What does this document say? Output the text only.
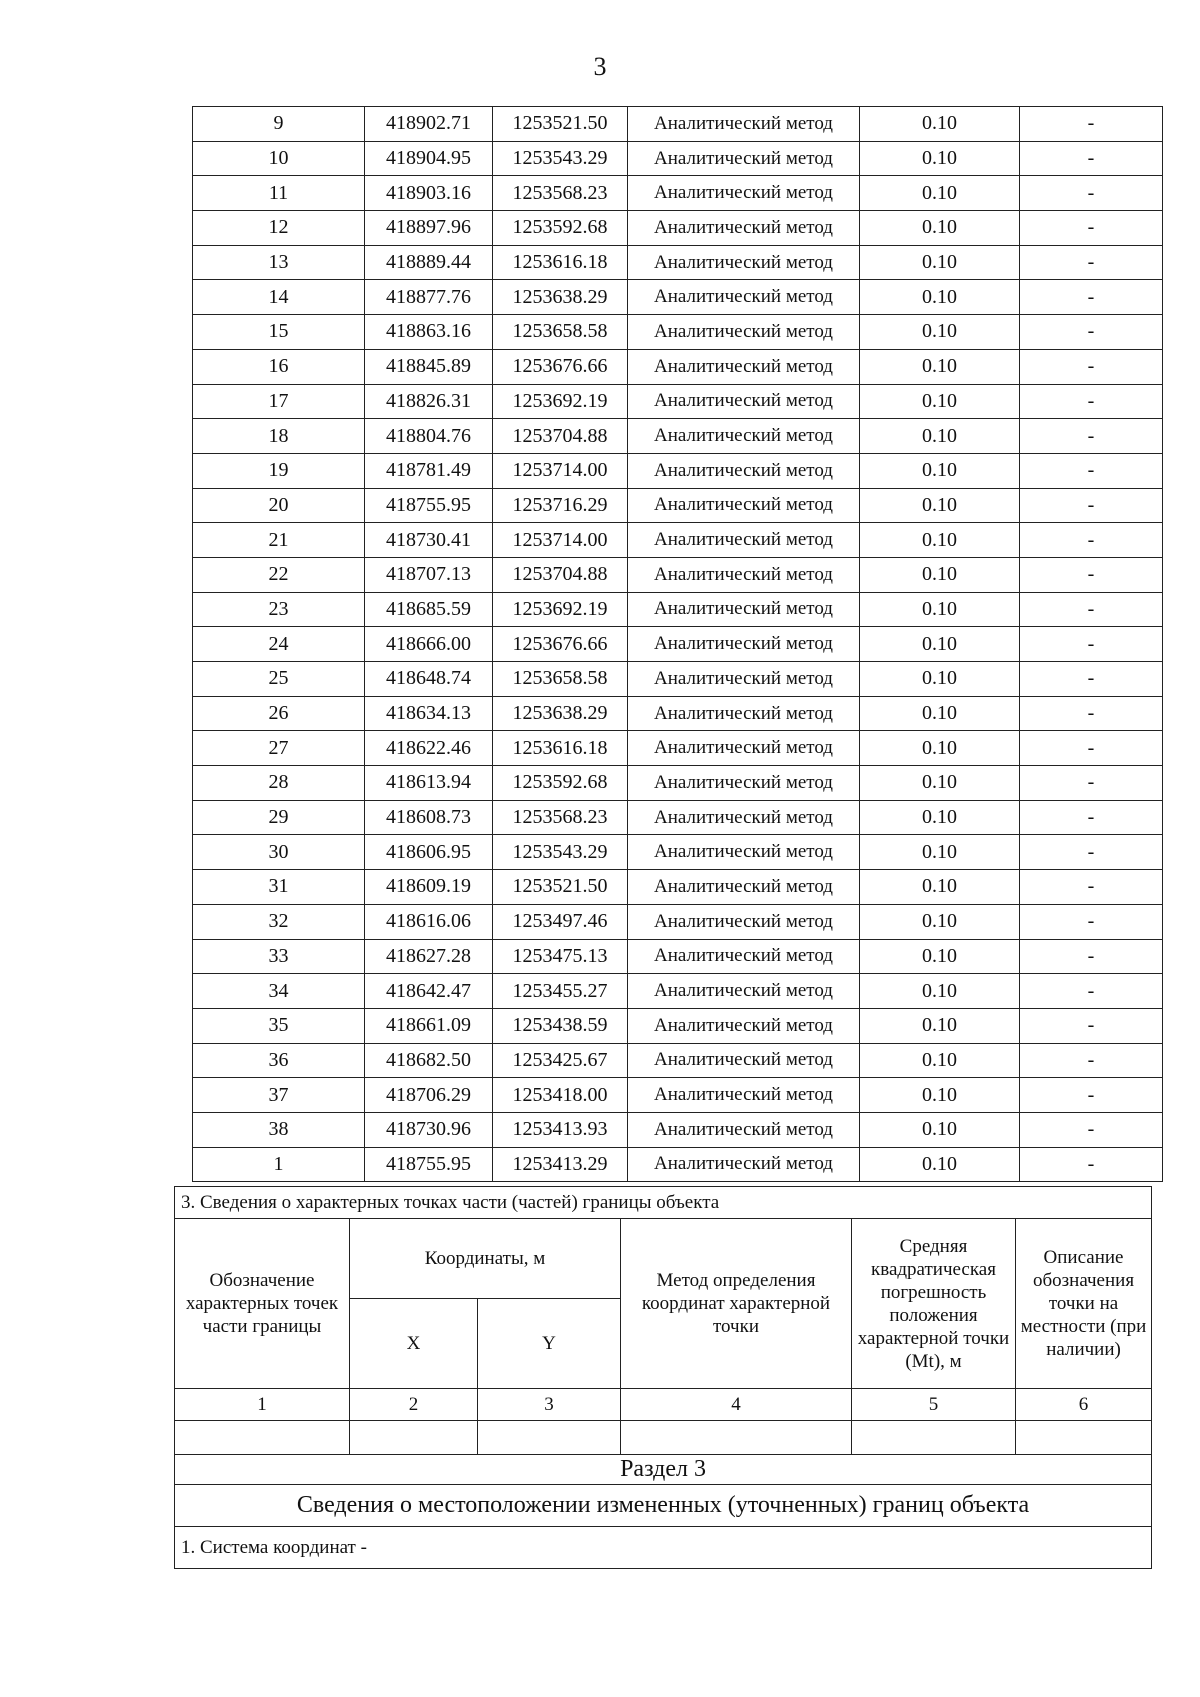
3
9	418902.71	1253521.50	Аналитический метод	0.10	-
10	418904.95	1253543.29	Аналитический метод	0.10	-
11	418903.16	1253568.23	Аналитический метод	0.10	-
12	418897.96	1253592.68	Аналитический метод	0.10	-
13	418889.44	1253616.18	Аналитический метод	0.10	-
14	418877.76	1253638.29	Аналитический метод	0.10	-
15	418863.16	1253658.58	Аналитический метод	0.10	-
16	418845.89	1253676.66	Аналитический метод	0.10	-
17	418826.31	1253692.19	Аналитический метод	0.10	-
18	418804.76	1253704.88	Аналитический метод	0.10	-
19	418781.49	1253714.00	Аналитический метод	0.10	-
20	418755.95	1253716.29	Аналитический метод	0.10	-
21	418730.41	1253714.00	Аналитический метод	0.10	-
22	418707.13	1253704.88	Аналитический метод	0.10	-
23	418685.59	1253692.19	Аналитический метод	0.10	-
24	418666.00	1253676.66	Аналитический метод	0.10	-
25	418648.74	1253658.58	Аналитический метод	0.10	-
26	418634.13	1253638.29	Аналитический метод	0.10	-
27	418622.46	1253616.18	Аналитический метод	0.10	-
28	418613.94	1253592.68	Аналитический метод	0.10	-
29	418608.73	1253568.23	Аналитический метод	0.10	-
30	418606.95	1253543.29	Аналитический метод	0.10	-
31	418609.19	1253521.50	Аналитический метод	0.10	-
32	418616.06	1253497.46	Аналитический метод	0.10	-
33	418627.28	1253475.13	Аналитический метод	0.10	-
34	418642.47	1253455.27	Аналитический метод	0.10	-
35	418661.09	1253438.59	Аналитический метод	0.10	-
36	418682.50	1253425.67	Аналитический метод	0.10	-
37	418706.29	1253418.00	Аналитический метод	0.10	-
38	418730.96	1253413.93	Аналитический метод	0.10	-
1	418755.95	1253413.29	Аналитический метод	0.10	-
3. Сведения о характерных точках части (частей) границы объекта					
Обозначение характерных точек части границы	Координаты, м		Метод определения координат характерной точки	Средняя квадратическая погрешность положения характерной точки (Mt), м	Описание обозначения точки на местности (при наличии)
	X	Y			
1	2	3	4	5	6

Раздел 3					
Сведения о местоположении измененных (уточненных) границ объекта					
1. Система координат -					
